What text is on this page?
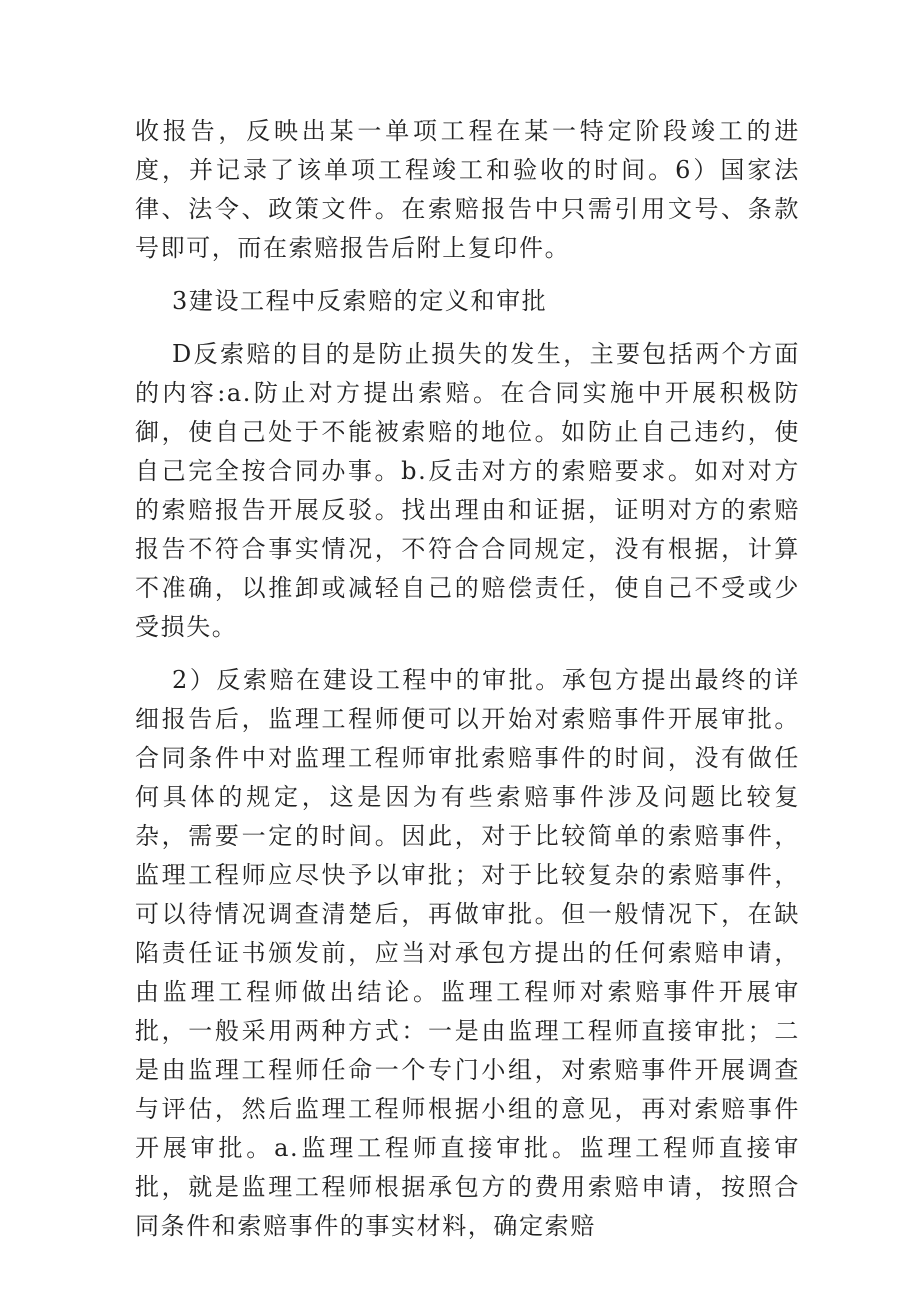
收报告，反映出某一单项工程在某一特定阶段竣工的进度，并记录了该单项工程竣工和验收的时间。6）国家法律、法令、政策文件。在索赔报告中只需引用文号、条款号即可，而在索赔报告后附上复印件。

3建设工程中反索赔的定义和审批

D反索赔的目的是防止损失的发生，主要包括两个方面的内容:a.防止对方提出索赔。在合同实施中开展积极防御，使自己处于不能被索赔的地位。如防止自己违约，使自己完全按合同办事。b.反击对方的索赔要求。如对对方的索赔报告开展反驳。找出理由和证据，证明对方的索赔报告不符合事实情况，不符合合同规定，没有根据，计算不准确，以推卸或减轻自己的赔偿责任，使自己不受或少受损失。

2）反索赔在建设工程中的审批。承包方提出最终的详细报告后，监理工程师便可以开始对索赔事件开展审批。合同条件中对监理工程师审批索赔事件的时间，没有做任何具体的规定，这是因为有些索赔事件涉及问题比较复杂，需要一定的时间。因此，对于比较简单的索赔事件，监理工程师应尽快予以审批；对于比较复杂的索赔事件，可以待情况调查清楚后，再做审批。但一般情况下，在缺陷责任证书颁发前，应当对承包方提出的任何索赔申请，由监理工程师做出结论。监理工程师对索赔事件开展审批，一般采用两种方式：一是由监理工程师直接审批；二是由监理工程师任命一个专门小组，对索赔事件开展调查与评估，然后监理工程师根据小组的意见，再对索赔事件开展审批。a.监理工程师直接审批。监理工程师直接审批，就是监理工程师根据承包方的费用索赔申请，按照合同条件和索赔事件的事实材料，确定索赔
